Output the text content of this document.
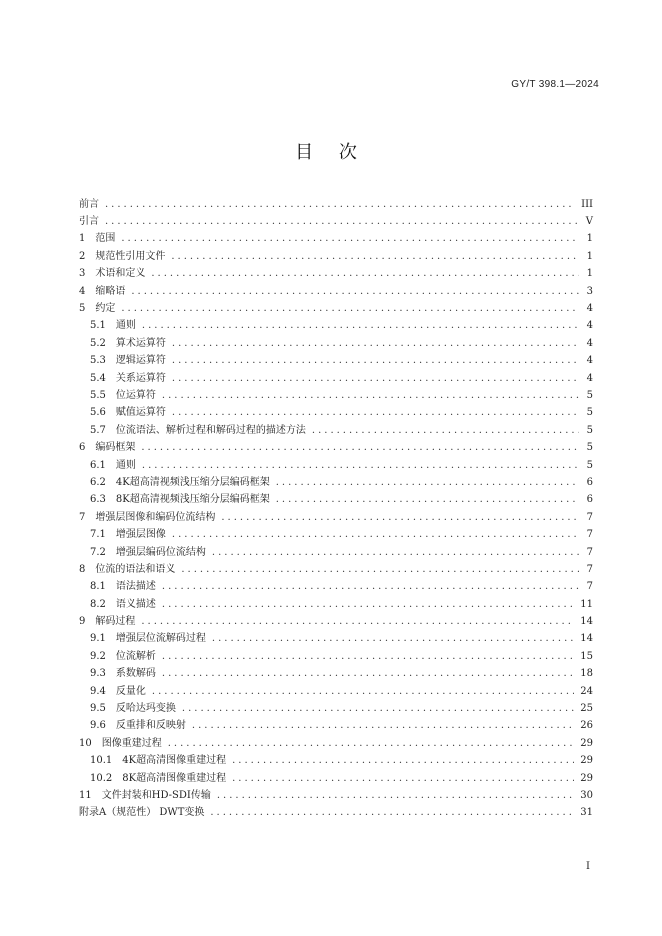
GY/T 398.1—2024
目 次
前言 .....	III
引言 .....	V
1 范围 .....	1
2 规范性引用文件 .....	1
3 术语和定义 .....	1
4 缩略语 .....	3
5 约定 .....	4
5.1 通则 .....	4
5.2 算术运算符 .....	4
5.3 逻辑运算符 .....	4
5.4 关系运算符 .....	4
5.5 位运算符 .....	5
5.6 赋值运算符 .....	5
5.7 位流语法、解析过程和解码过程的描述方法 .....	5
6 编码框架 .....	5
6.1 通则 .....	5
6.2 4K超高清视频浅压缩分层编码框架 .....	6
6.3 8K超高清视频浅压缩分层编码框架 .....	6
7 增强层图像和编码位流结构 .....	7
7.1 增强层图像 .....	7
7.2 增强层编码位流结构 .....	7
8 位流的语法和语义 .....	7
8.1 语法描述 .....	7
8.2 语义描述 .....	11
9 解码过程 .....	14
9.1 增强层位流解码过程 .....	14
9.2 位流解析 .....	15
9.3 系数解码 .....	18
9.4 反量化 .....	24
9.5 反哈达玛变换 .....	25
9.6 反重排和反映射 .....	26
10 图像重建过程 .....	29
10.1 4K超高清图像重建过程 .....	29
10.2 8K超高清图像重建过程 .....	29
11 文件封装和HD-SDI传输 .....	30
附录A（规范性） DWT变换 .....	31
I
